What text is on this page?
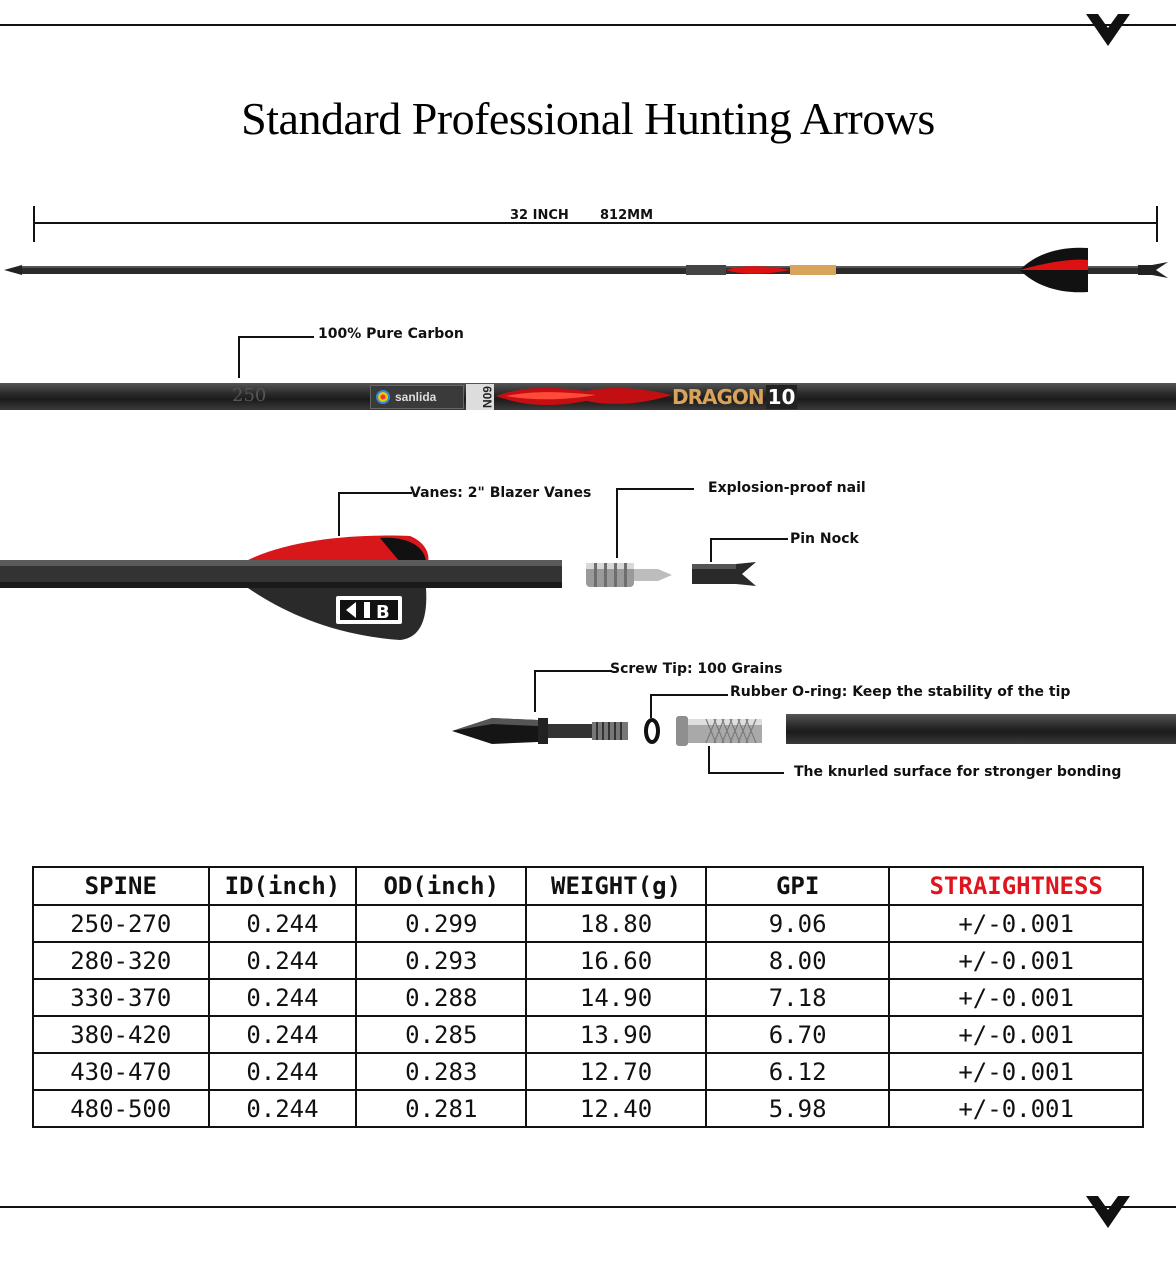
Standard Professional Hunting Arrows
32 INCH 812MM
100% Pure Carbon
250	sanlida	60N	DRAGON 10
Vanes: 2" Blazer Vanes
B
Explosion-proof nail
Pin Nock
Screw Tip: 100 Grains
Rubber O-ring: Keep the stability of the tip
The knurled surface for stronger bonding
SPINE	ID(inch)	OD(inch)	WEIGHT(g)	GPI	STRAIGHTNESS
250-270	0.244	0.299	18.80	9.06	+/-0.001
280-320	0.244	0.293	16.60	8.00	+/-0.001
330-370	0.244	0.288	14.90	7.18	+/-0.001
380-420	0.244	0.285	13.90	6.70	+/-0.001
430-470	0.244	0.283	12.70	6.12	+/-0.001
480-500	0.244	0.281	12.40	5.98	+/-0.001
